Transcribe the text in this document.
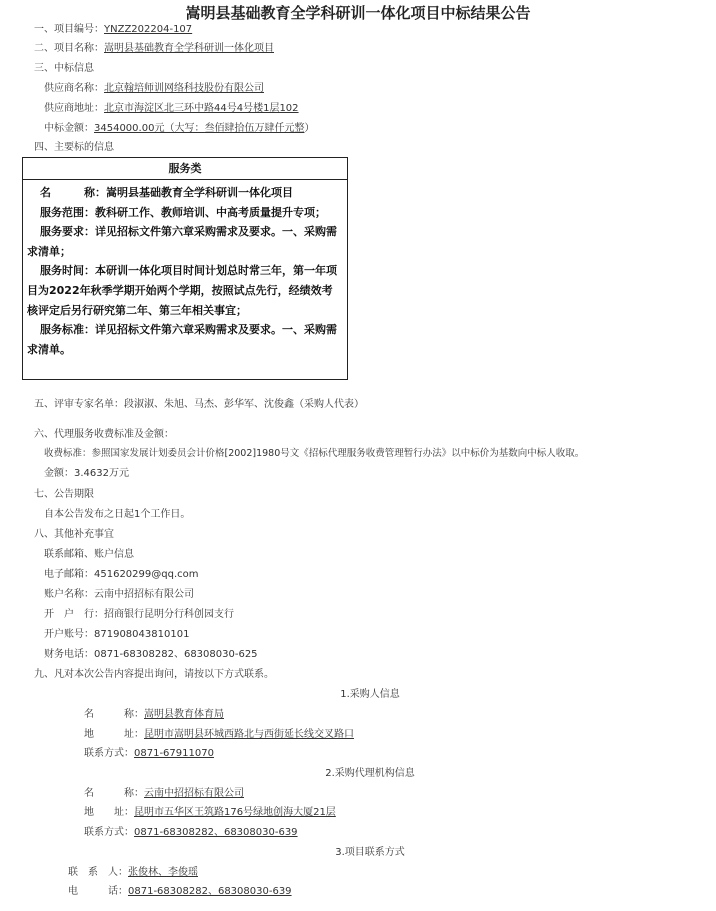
嵩明县基础教育全学科研训一体化项目中标结果公告
一、项目编号：YNZZ202204-107
二、项目名称：嵩明县基础教育全学科研训一体化项目
三、中标信息
供应商名称：北京翰培师训网络科技股份有限公司
供应商地址：北京市海淀区北三环中路44号4号楼1层102
中标金额：3454000.00元（大写：叁佰肆拾伍万肆仟元整）
四、主要标的信息
服务类

名　　　称：嵩明县基础教育全学科研训一体化项目

服务范围：教科研工作、教师培训、中高考质量提升专项；

服务要求：详见招标文件第六章采购需求及要求。一、采购需求清单；

服务时间：本研训一体化项目时间计划总时常三年，第一年项目为2022年秋季学期开始两个学期，按照试点先行，经绩效考核评定后另行研究第二年、第三年相关事宜；

服务标准：详见招标文件第六章采购需求及要求。一、采购需求清单。

五、评审专家名单：段淑淑、朱旭、马杰、彭华军、沈俊鑫（采购人代表）
六、代理服务收费标准及金额：
收费标准：参照国家发展计划委员会计价格[2002]1980号文《招标代理服务收费管理暂行办法》以中标价为基数向中标人收取。
金额：3.4632万元
七、公告期限
自本公告发布之日起1个工作日。
八、其他补充事宜
联系邮箱、账户信息
电子邮箱：451620299@qq.com
账户名称：云南中招招标有限公司
开　户　行：招商银行昆明分行科创园支行
开户账号：871908043810101
财务电话：0871-68308282、68308030-625
九、凡对本次公告内容提出询问，请按以下方式联系。
1.采购人信息
名　　　称：嵩明县教育体育局
地　　　址：昆明市嵩明县环城西路北与西街延长线交叉路口
联系方式：0871-67911070
2.采购代理机构信息
名　　　称：云南中招招标有限公司
地　　址：昆明市五华区王筑路176号绿地创海大厦21层
联系方式：0871-68308282、68308030-639
3.项目联系方式
联　系　人：张俊林、李俊瑶
电　　　话：0871-68308282、68308030-639
